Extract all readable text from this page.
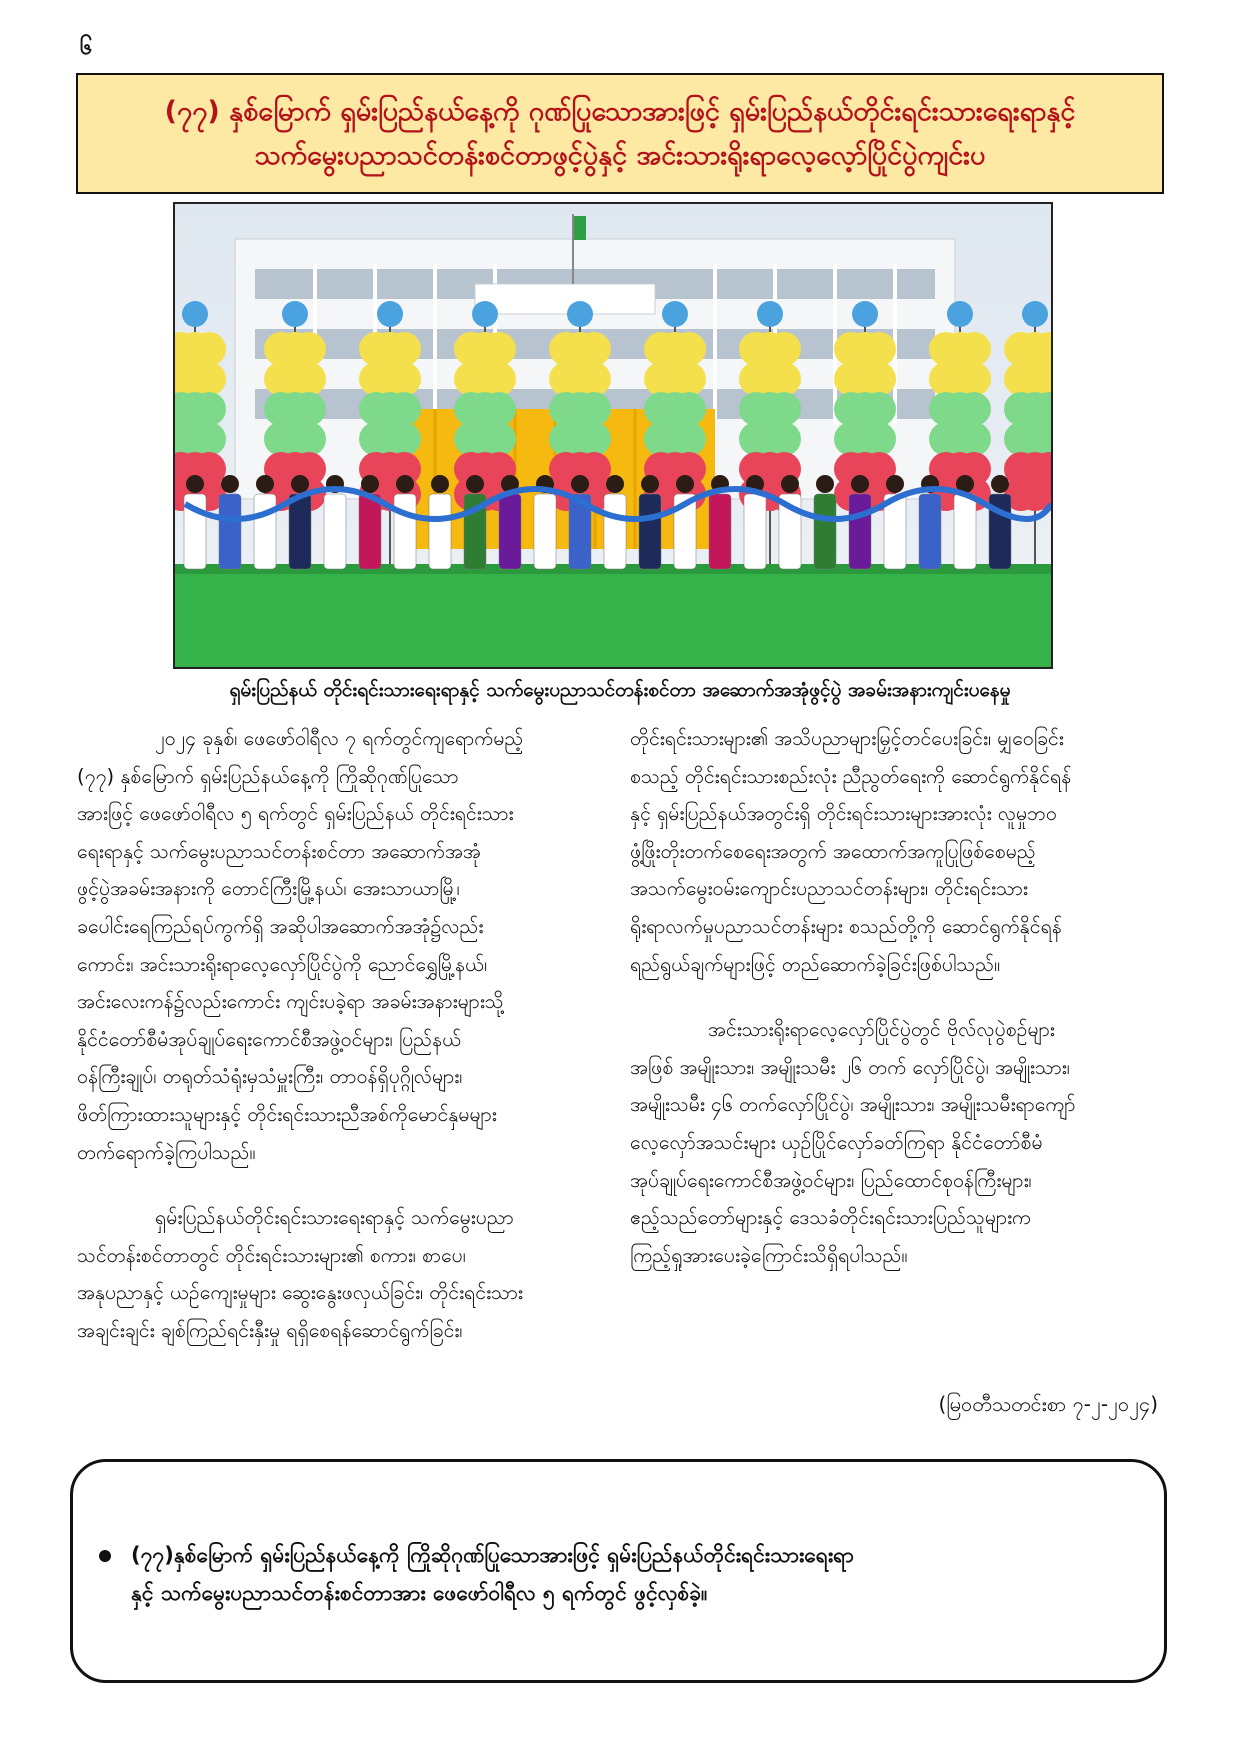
၆
(၇၇) နှစ်မြောက် ရှမ်းပြည်နယ်နေ့ကို ဂုဏ်ပြုသောအားဖြင့် ရှမ်းပြည်နယ်တိုင်းရင်းသားရေးရာနှင့်
သက်မွေးပညာသင်တန်းစင်တာဖွင့်ပွဲနှင့် အင်းသားရိုးရာလေ့လေ့ာ်ပြိုင်ပွဲကျင်းပ
ရှမ်းပြည်နယ် တိုင်းရင်းသားရေးရာနှင့် သက်မွေးပညာသင်တန်းစင်တာ အဆောက်အအုံဖွင့်ပွဲ အခမ်းအနားကျင်းပနေမှု

၂၀၂၄ ခုနှစ်၊ ဖေဖော်ဝါရီလ ၇ ရက်တွင်ကျရောက်မည့်
(၇၇) နှစ်မြောက် ရှမ်းပြည်နယ်နေ့ကို ကြိုဆိုဂုဏ်ပြုသော
အားဖြင့် ဖေဖော်ဝါရီလ ၅ ရက်တွင် ရှမ်းပြည်နယ် တိုင်းရင်းသား
ရေးရာနှင့် သက်မွေးပညာသင်တန်းစင်တာ အဆောက်အအုံ
ဖွင့်ပွဲအခမ်းအနားကို တောင်ကြီးမြို့နယ်၊ အေးသာယာမြို့၊
ခပေါင်းရေကြည်ရပ်ကွက်ရှိ အဆိုပါအဆောက်အအုံ၌လည်း
ကောင်း၊ အင်းသားရိုးရာလေ့လှော်ပြိုင်ပွဲကို ညောင်ရွှေမြို့နယ်၊
အင်းလေးကန်၌လည်းကောင်း ကျင်းပခဲ့ရာ အခမ်းအနားများသို့
နိုင်ငံတော်စီမံအုပ်ချုပ်ရေးကောင်စီအဖွဲ့ဝင်များ၊ ပြည်နယ်
ဝန်ကြီးချုပ်၊ တရုတ်သံရုံးမှသံမှူးကြီး၊ တာဝန်ရှိပုဂ္ဂိုလ်များ၊
ဖိတ်ကြားထားသူများနှင့် တိုင်းရင်းသားညီအစ်ကိုမောင်နှမများ
တက်ရောက်ခဲ့ကြပါသည်။

ရှမ်းပြည်နယ်တိုင်းရင်းသားရေးရာနှင့် သက်မွေးပညာ
သင်တန်းစင်တာတွင် တိုင်းရင်းသားများ၏ စကား၊ စာပေ၊
အနုပညာနှင့် ယဉ်ကျေးမှုများ ဆွေးနွေးဖလှယ်ခြင်း၊ တိုင်းရင်းသား
အချင်းချင်း ချစ်ကြည်ရင်းနှီးမှု ရရှိစေရန်ဆောင်ရွက်ခြင်း၊

တိုင်းရင်းသားများ၏ အသိပညာများမြှင့်တင်ပေးခြင်း၊ မျှဝေခြင်း
စသည့် တိုင်းရင်းသားစည်းလုံး ညီညွတ်ရေးကို ဆောင်ရွက်နိုင်ရန်
နှင့် ရှမ်းပြည်နယ်အတွင်းရှိ တိုင်းရင်းသားများအားလုံး လူမှုဘဝ
ဖွံ့ဖြိုးတိုးတက်စေရေးအတွက် အထောက်အကူပြုဖြစ်စေမည့်
အသက်မွေးဝမ်းကျောင်းပညာသင်တန်းများ၊ တိုင်းရင်းသား
ရိုးရာလက်မှုပညာသင်တန်းများ စသည်တို့ကို ဆောင်ရွက်နိုင်ရန်
ရည်ရွယ်ချက်များဖြင့် တည်ဆောက်ခဲ့ခြင်းဖြစ်ပါသည်။

အင်းသားရိုးရာလေ့လှော်ပြိုင်ပွဲတွင် ဗိုလ်လုပွဲစဉ်များ
အဖြစ် အမျိုးသား၊ အမျိုးသမီး ၂၆ တက် လှော်ပြိုင်ပွဲ၊ အမျိုးသား၊
အမျိုးသမီး ၄၆ တက်လှော်ပြိုင်ပွဲ၊ အမျိုးသား၊ အမျိုးသမီးရာကျော်
လေ့လှော်အသင်းများ ယှဉ်ပြိုင်လှော်ခတ်ကြရာ နိုင်ငံတော်စီမံ
အုပ်ချုပ်ရေးကောင်စီအဖွဲ့ဝင်များ၊ ပြည်ထောင်စုဝန်ကြီးများ၊
ဧည့်သည်တော်များနှင့် ဒေသခံတိုင်းရင်းသားပြည်သူများက
ကြည့်ရှုအားပေးခဲ့ကြောင်းသိရှိရပါသည်။

(မြဝတီသတင်းစာ ၇-၂-၂၀၂၄)
(၇၇)နှစ်မြောက် ရှမ်းပြည်နယ်နေ့ကို ကြိုဆိုဂုဏ်ပြုသောအားဖြင့် ရှမ်းပြည်နယ်တိုင်းရင်းသားရေးရာ
နှင့် သက်မွေးပညာသင်တန်းစင်တာအား ဖေဖော်ဝါရီလ ၅ ရက်တွင် ဖွင့်လှစ်ခဲ့။
